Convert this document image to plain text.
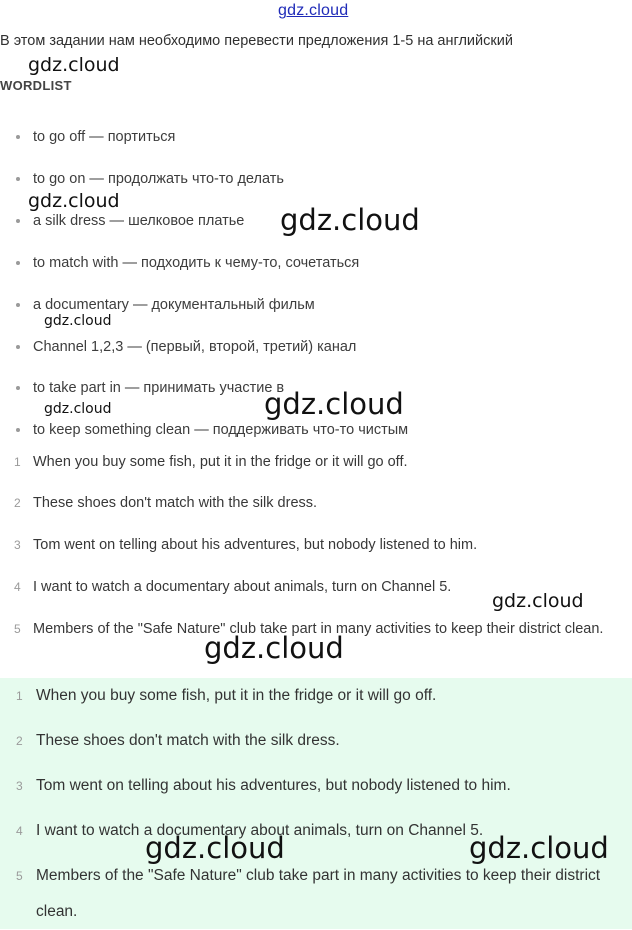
gdz.cloud
В этом задании нам необходимо перевести предложения 1-5 на английский
WORDLIST
to go off — портиться
to go on — продолжать что-то делать
a silk dress — шелковое платье
to match with — подходить к чему-то, сочетаться
a documentary — документальный фильм
Channel 1,2,3 — (первый, второй, третий) канал
to take part in — принимать участие в
to keep something clean — поддерживать что-то чистым
1 When you buy some fish, put it in the fridge or it will go off.
2 These shoes don't match with the silk dress.
3 Tom went on telling about his adventures, but nobody listened to him.
4 I want to watch a documentary about animals, turn on Channel 5.
5 Members of the "Safe Nature" club take part in many activities to keep their district clean.
1 When you buy some fish, put it in the fridge or it will go off.
2 These shoes don't match with the silk dress.
3 Tom went on telling about his adventures, but nobody listened to him.
4 I want to watch a documentary about animals, turn on Channel 5.
5 Members of the "Safe Nature" club take part in many activities to keep their district clean.
gdz.cloud
gdz.cloud
gdz.cloud
gdz.cloud
gdz.cloud
gdz.cloud
gdz.cloud
gdz.cloud
gdz.cloud	gdz.cloud
